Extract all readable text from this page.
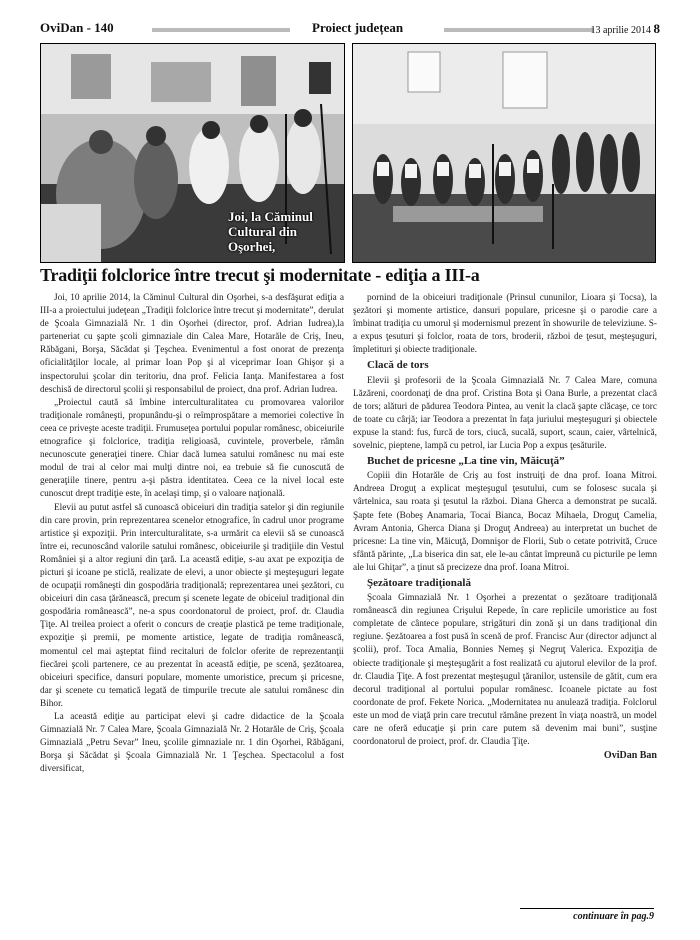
OviDan - 140	Proiect județean	13 aprilie 2014 8
Joi, la Căminul
Cultural din Oşorhei,
Tradiţii folclorice între trecut şi modernitate - ediţia a III-a

Joi, 10 aprilie 2014, la Căminul Cultural din Oşorhei, s-a desfăşurat ediţia a III-a a proiectului judeţean „Tradiţii folclorice între trecut şi modernitate”, derulat de Şcoala Gimnazială Nr. 1 din Oşorhei (director, prof. Adrian Iudrea),la parteneriat cu şapte şcoli gimnaziale din Calea Mare, Hotarăle de Criş, Ineu, Răbăgani, Borşa, Săcădat şi Ţeşchea. Evenimentul a fost onorat de prezenţa oficialităţilor locale, al primar Ioan Pop şi al viceprimar Ioan Ghişor şi a inspectorului şcolar din teritoriu, dna prof. Felicia Ianţa. Manifestarea a fost deschisă de directorul şcolii şi responsabilul de proiect, dna prof. Adrian Iudrea.

„Proiectul caută să îmbine interculturalitatea cu promovarea valorilor tradiţionale româneşti, propunându-şi o reîmprospătare a memoriei colective în ceea ce priveşte aceste tradiţii. Frumuseţea portului popular românesc, obiceiurile etnografice şi folclorice, tradiţia religioasă, cuvintele, proverbele, rămân necunoscute generaţiei tinere. Chiar dacă lumea satului românesc nu mai este modul de trai al celor mai mulţi dintre noi, ea trebuie să fie cunoscută de generaţiile tinere, pentru a-şi păstra identitatea. Ceea ce la nivel local este cunoscut drept tradiţie este, în acelaşi timp, şi o valoare naţională.

Elevii au putut astfel să cunoască obiceiuri din tradiţia satelor şi din regiunile din care provin, prin reprezentarea scenelor etnografice, în cadrul unor programe artistice şi expoziţii. Prin interculturalitate, s-a urmărit ca elevii să se cunoască între ei, recunoscând valorile satului românesc, obiceiurile şi tradiţiile din Vestul României şi a altor regiuni din ţară. La această ediţie, s-au axat pe expoziţia de picturi şi icoane pe sticlă, realizate de elevi, a unor obiecte şi meşteşuguri legate de ocupaţii româneşti din gospodăria tradiţională; reprezentarea unei şezători, cu obiceiuri din casa ţărănească, precum şi scenete legate de obiceiul tradiţional din gospodăria românească”, ne-a spus coordonatorul de proiect, prof. dr. Claudia Ţiţe. Al treilea proiect a oferit o concurs de creaţie plastică pe teme tradiţionale, expoziţie și premii, pe momente artistice, legate de tradiţia românească, momentul cel mai aşteptat fiind recitaluri de folclor oferite de reprezentanţii fiecărei şcoli partenere, ce au prezentat în această ediţie, pe scenă, şezătoarea, obiceiuri specifice, dansuri populare, momente umoristice, precum şi pricesne, dar şi scenete cu tematică legată de timpurile trecute ale satului românesc din Bihor.

La această ediţie au participat elevi şi cadre didactice de la Şcoala Gimnazială Nr. 7 Calea Mare, Şcoala Gimnazială Nr. 2 Hotarăle de Criş, Şcoala Gimnazială „Petru Sevar” Ineu, şcolile gimnaziale nr. 1 din Oşorhei, Răbăgani, Borşa şi Săcădat şi Şcoala Gimnazială Nr. 1 Ţeşchea. Spectacolul a fost diversificat,

pornind de la obiceiuri tradiţionale (Prinsul cununilor, Lioara şi Tocsa), la şezători şi momente artistice, dansuri populare, pricesne şi o parodie care a îmbinat tradiţia cu umorul şi modernismul prezent în showurile de televiziune. S-a expus ţesuturi şi folclor, roata de tors, broderii, război de ţesut, meşteşuguri, împletituri şi obiecte tradiţionale.

Clacă de tors

Elevii şi profesorii de la Şcoala Gimnazială Nr. 7 Calea Mare, comuna Lăzăreni, coordonaţi de dna prof. Cristina Bota şi Oana Burle, a prezentat clacă de tors; alături de pădurea Teodora Pintea, au venit la clacă şapte clăcaşe, ce torc de toate cu cârjă; iar Teodora a prezentat în faţa juriului meşteşuguri şi obiectele expuse la stand: fus, furcă de tors, ciucă, sucală, suport, scaun, caier, vârtelnică, sovelnic, pieptene, lampă cu petrol, iar Lucia Pop a expus ţesăturile.

Buchet de pricesne „La tine vin, Măicuţă”

Copiii din Hotarăle de Criş au fost instruiţi de dna prof. Ioana Mitroi. Andreea Droguţ a explicat meşteşugul ţesutului, cum se folosesc sucala şi vârtelnica, sau roata şi ţesutul la război. Diana Gherca a demonstrat pe sucală. Şapte fete (Bobeş Anamaria, Tocai Bianca, Bocaz Mihaela, Droguţ Camelia, Avram Antonia, Gherca Diana şi Droguţ Andreea) au interpretat un buchet de pricesne: La tine vin, Măicuţă, Domnişor de Florii, Sub o cetate potrivită, Cruce sfântă părinte, „La biserica din sat, ele le-au cântat împreună cu picturile pe lemn ale lui Ghiţar”, a ţinut să precizeze dna prof. Ioana Mitroi.

Şezătoare tradiţională

Şcoala Gimnazială Nr. 1 Oşorhei a prezentat o şezătoare tradiţională românească din regiunea Crişului Repede, în care replicile umoristice au fost completate de cântece populare, strigături din zonă şi un dans tradiţional din regiune. Şezătoarea a fost pusă în scenă de prof. Francisc Aur (director adjunct al şcolii), prof. Toca Amalia, Bonnies Nemeş şi Negruţ Valerica. Expoziţia de obiecte tradiţionale şi meşteşugărit a fost realizată cu ajutorul elevilor de la prof. dr. Claudia Ţiţe. A fost prezentat meşteşugul ţăranilor, ustensile de gătit, cum era decorul tradiţional al portului popular românesc. Icoanele pictate au fost coordonate de prof. Fekete Norica. „Modernitatea nu anulează tradiţia. Folclorul este un mod de viaţă prin care trecutul rămâne prezent în viaţa noastră, un model care ne oferă educaţie şi prin care putem să devenim mai buni”, susţine coordonatorul de proiect, prof. dr. Claudia Ţiţe.

OviDan Ban
continuare în pag.9
